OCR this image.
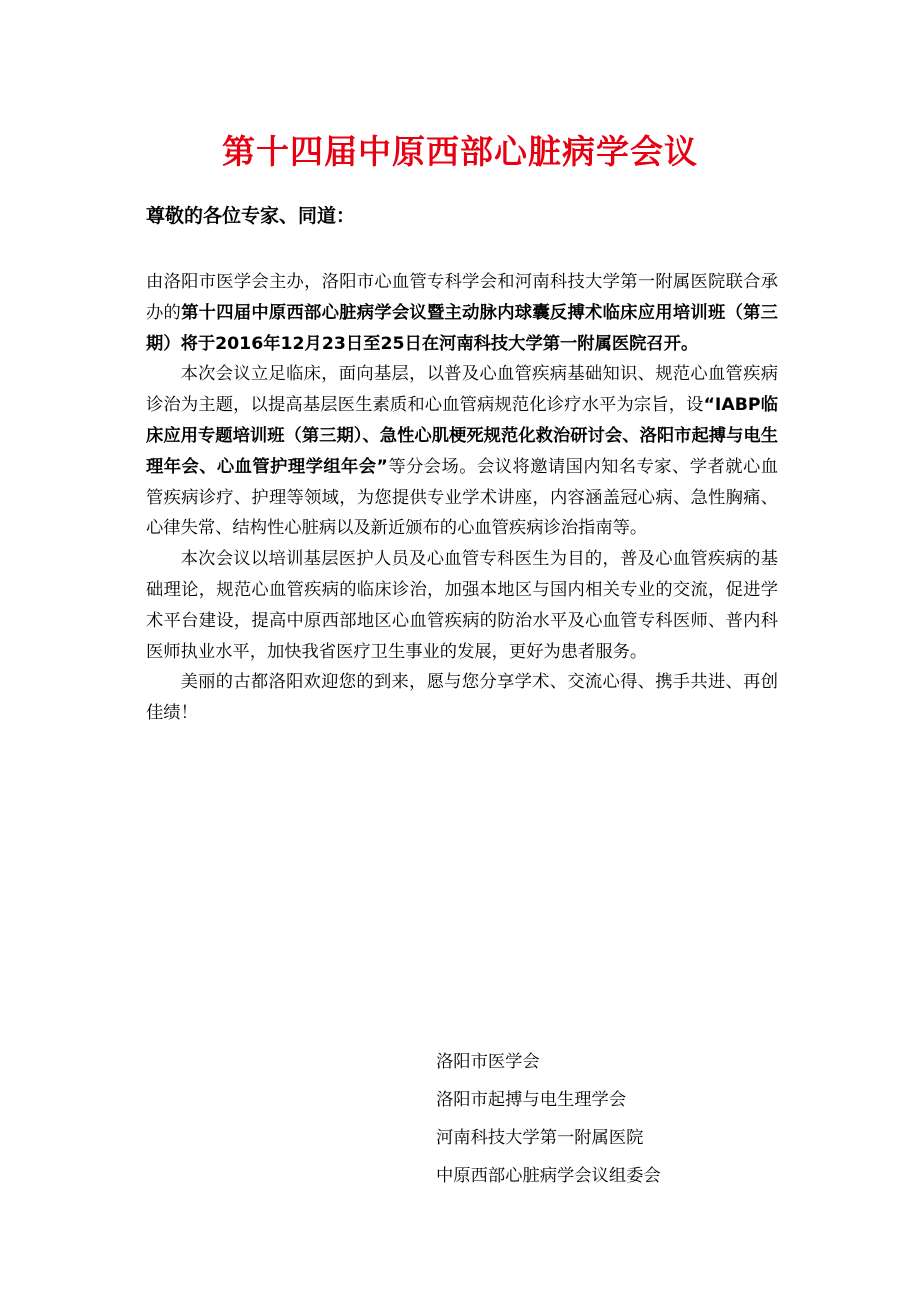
第十四届中原西部心脏病学会议
尊敬的各位专家、同道：

由洛阳市医学会主办，洛阳市心血管专科学会和河南科技大学第一附属医院联合承办的第十四届中原西部心脏病学会议暨主动脉内球囊反搏术临床应用培训班（第三期）将于2016年12月23日至25日在河南科技大学第一附属医院召开。

本次会议立足临床，面向基层，以普及心血管疾病基础知识、规范心血管疾病诊治为主题，以提高基层医生素质和心血管病规范化诊疗水平为宗旨，设“IABP临床应用专题培训班（第三期）、急性心肌梗死规范化救治研讨会、洛阳市起搏与电生理年会、心血管护理学组年会”等分会场。会议将邀请国内知名专家、学者就心血管疾病诊疗、护理等领域，为您提供专业学术讲座，内容涵盖冠心病、急性胸痛、心律失常、结构性心脏病以及新近颁布的心血管疾病诊治指南等。

本次会议以培训基层医护人员及心血管专科医生为目的，普及心血管疾病的基础理论，规范心血管疾病的临床诊治，加强本地区与国内相关专业的交流，促进学术平台建设，提高中原西部地区心血管疾病的防治水平及心血管专科医师、普内科医师执业水平，加快我省医疗卫生事业的发展，更好为患者服务。

美丽的古都洛阳欢迎您的到来，愿与您分享学术、交流心得、携手共进、再创佳绩！

洛阳市医学会
洛阳市起搏与电生理学会
河南科技大学第一附属医院
中原西部心脏病学会议组委会
